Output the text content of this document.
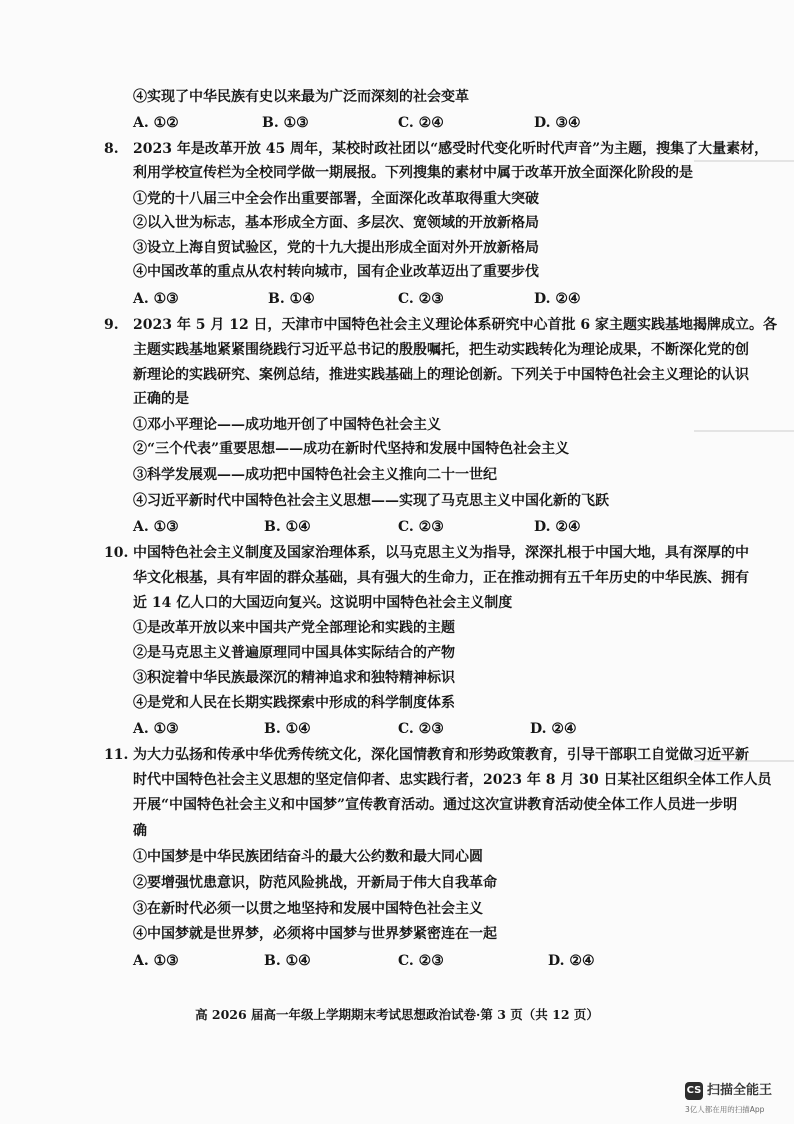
④实现了中华民族有史以来最为广泛而深刻的社会变革
A. ①②	B. ①③	C. ②④	D. ③④
8. 2023 年是改革开放 45 周年，某校时政社团以“感受时代变化听时代声音”为主题，搜集了大量素材，
利用学校宣传栏为全校同学做一期展报。下列搜集的素材中属于改革开放全面深化阶段的是
①党的十八届三中全会作出重要部署，全面深化改革取得重大突破
②以入世为标志，基本形成全方面、多层次、宽领域的开放新格局
③设立上海自贸试验区，党的十九大提出形成全面对外开放新格局
④中国改革的重点从农村转向城市，国有企业改革迈出了重要步伐
A. ①③	B. ①④	C. ②③	D. ②④
9. 2023 年 5 月 12 日，天津市中国特色社会主义理论体系研究中心首批 6 家主题实践基地揭牌成立。各
主题实践基地紧紧围绕践行习近平总书记的殷殷嘱托，把生动实践转化为理论成果，不断深化党的创
新理论的实践研究、案例总结，推进实践基础上的理论创新。下列关于中国特色社会主义理论的认识
正确的是
①邓小平理论——成功地开创了中国特色社会主义
②“三个代表”重要思想——成功在新时代坚持和发展中国特色社会主义
③科学发展观——成功把中国特色社会主义推向二十一世纪
④习近平新时代中国特色社会主义思想——实现了马克思主义中国化新的飞跃
A. ①③	B. ①④	C. ②③	D. ②④
10. 中国特色社会主义制度及国家治理体系，以马克思主义为指导，深深扎根于中国大地，具有深厚的中
华文化根基，具有牢固的群众基础，具有强大的生命力，正在推动拥有五千年历史的中华民族、拥有
近 14 亿人口的大国迈向复兴。这说明中国特色社会主义制度
①是改革开放以来中国共产党全部理论和实践的主题
②是马克思主义普遍原理同中国具体实际结合的产物
③积淀着中华民族最深沉的精神追求和独特精神标识
④是党和人民在长期实践探索中形成的科学制度体系
A. ①③	B. ①④	C. ②③	D. ②④
11. 为大力弘扬和传承中华优秀传统文化，深化国情教育和形势政策教育，引导干部职工自觉做习近平新
时代中国特色社会主义思想的坚定信仰者、忠实践行者，2023 年 8 月 30 日某社区组织全体工作人员
开展“中国特色社会主义和中国梦”宣传教育活动。通过这次宣讲教育活动使全体工作人员进一步明
确
①中国梦是中华民族团结奋斗的最大公约数和最大同心圆
②要增强忧患意识，防范风险挑战，开新局于伟大自我革命
③在新时代必须一以贯之地坚持和发展中国特色社会主义
④中国梦就是世界梦，必须将中国梦与世界梦紧密连在一起
A. ①③	B. ①④	C. ②③	D. ②④
高 2026 届高一年级上学期期末考试思想政治试卷·第 3 页（共 12 页）
CS 扫描全能王
3亿人都在用的扫描App
